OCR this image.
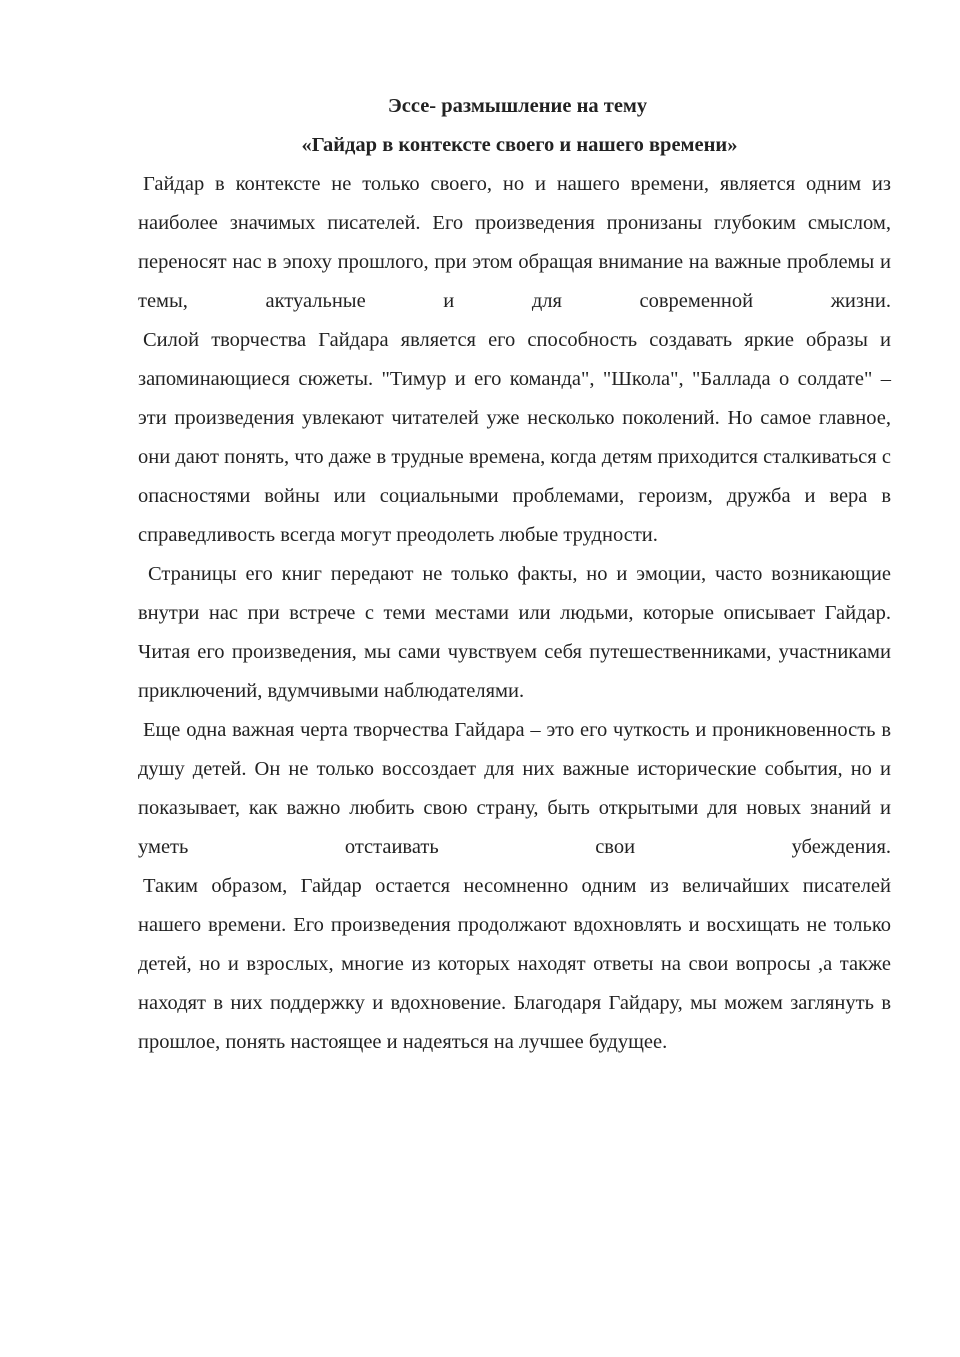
Эссе- размышление на тему

«Гайдар в контексте своего и нашего времени»

Гайдар в контексте не только своего, но и нашего времени, является одним из наиболее значимых писателей. Его произведения пронизаны глубоким смыслом, переносят нас в эпоху прошлого, при этом обращая внимание на важные проблемы и темы, актуальные и для современной жизни.

Силой творчества Гайдара является его способность создавать яркие образы и запоминающиеся сюжеты. "Тимур и его команда", "Школа", "Баллада о солдате" – эти произведения увлекают читателей уже несколько поколений. Но самое главное, они дают понять, что даже в трудные времена, когда детям приходится сталкиваться с опасностями войны или социальными проблемами, героизм, дружба и вера в справедливость всегда могут преодолеть любые трудности.

Страницы его книг передают не только факты, но и эмоции, часто возникающие внутри нас при встрече с теми местами или людьми, которые описывает Гайдар. Читая его произведения, мы сами чувствуем себя путешественниками, участниками приключений, вдумчивыми наблюдателями.

Еще одна важная черта творчества Гайдара – это его чуткость и проникновенность в душу детей. Он не только воссоздает для них важные исторические события, но и показывает, как важно любить свою страну, быть открытыми для новых знаний и уметь отстаивать свои убеждения.

Таким образом, Гайдар остается несомненно одним из величайших писателей нашего времени. Его произведения продолжают вдохновлять и восхищать не только детей, но и взрослых, многие из которых находят ответы на свои вопросы ,а также находят в них поддержку и вдохновение. Благодаря Гайдару, мы можем заглянуть в прошлое, понять настоящее и надеяться на лучшее будущее.
